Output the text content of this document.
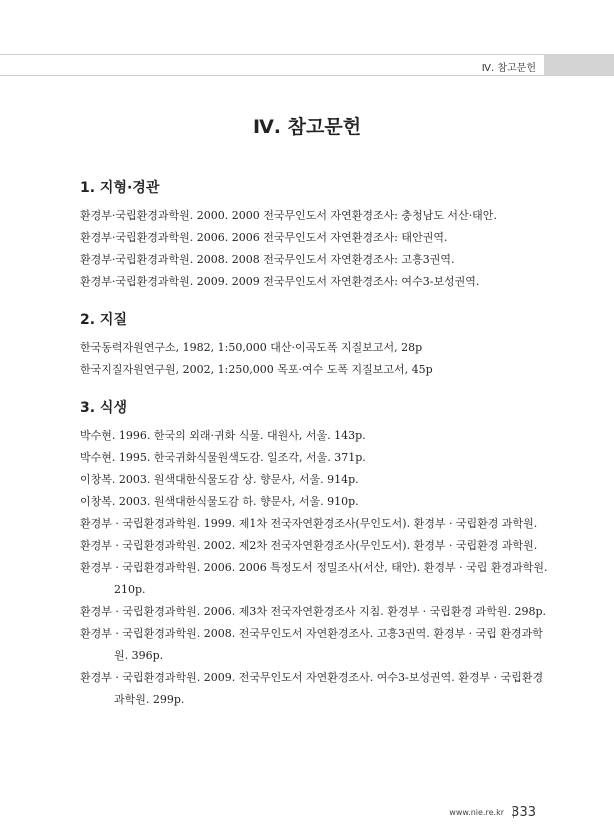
Ⅳ. 참고문헌
Ⅳ. 참고문헌
1. 지형·경관
환경부·국립환경과학원. 2000. 2000 전국무인도서 자연환경조사: 충청남도 서산·태안.
환경부·국립환경과학원. 2006. 2006 전국무인도서 자연환경조사: 태안권역.
환경부·국립환경과학원. 2008. 2008 전국무인도서 자연환경조사: 고흥3권역.
환경부·국립환경과학원. 2009. 2009 전국무인도서 자연환경조사: 여수3-보성권역.
2. 지질
한국동력자원연구소, 1982, 1:50,000 대산·이곡도폭 지질보고서, 28p
한국지질자원연구원, 2002, 1:250,000 목포·여수 도폭 지질보고서, 45p
3. 식생
박수현. 1996. 한국의 외래·귀화 식물. 대원사, 서울. 143p.
박수현. 1995. 한국귀화식물원색도감. 일조각, 서울. 371p.
이창복. 2003. 원색대한식물도감 상. 향문사, 서울. 914p.
이창복. 2003. 원색대한식물도감 하. 향문사, 서울. 910p.
환경부 · 국립환경과학원. 1999. 제1차 전국자연환경조사(무인도서). 환경부 · 국립환경 과학원.
환경부 · 국립환경과학원. 2002. 제2차 전국자연환경조사(무인도서). 환경부 · 국립환경 과학원.
환경부 · 국립환경과학원. 2006. 2006 특정도서 정밀조사(서산, 태안). 환경부 · 국립 환경과학원. 210p.
환경부 · 국립환경과학원. 2006. 제3차 전국자연환경조사 지침. 환경부 · 국립환경 과학원. 298p.
환경부 · 국립환경과학원. 2008. 전국무인도서 자연환경조사. 고흥3권역. 환경부 · 국립 환경과학원. 396p.
환경부 · 국립환경과학원. 2009. 전국무인도서 자연환경조사. 여수3-보성권역. 환경부 · 국립환경과학원. 299p.
www.nie.re.kr 333
